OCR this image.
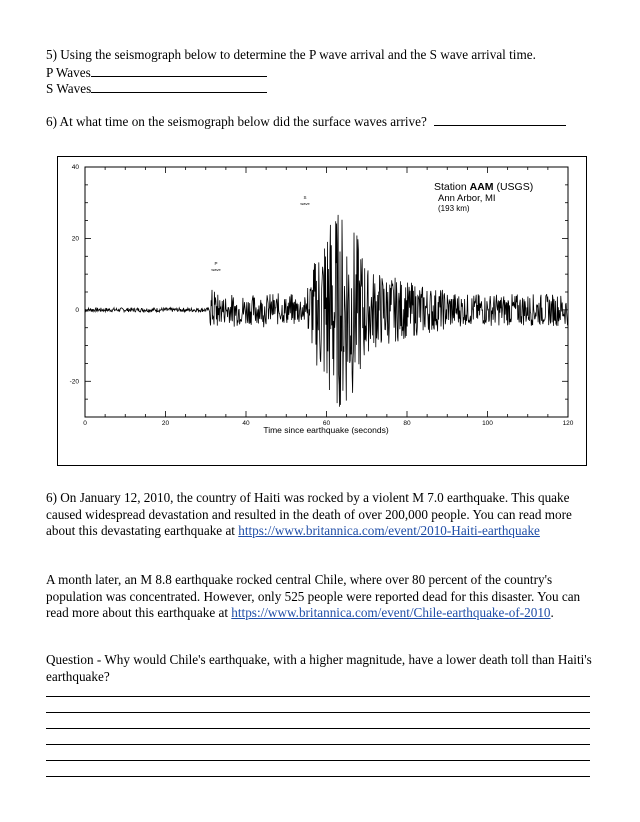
5) Using the seismograph below to determine the P wave arrival and the S wave arrival time.
P Waves
S Waves
6) At what time on the seismograph below did the surface waves arrive?
0	20	40	60	80	100	120
40
20
0
-20
Station AAM (USGS)
Ann Arbor, MI
(193 km)
P
wave
S
wave
Time since earthquake (seconds)
6) On January 12, 2010, the country of Haiti was rocked by a violent M 7.0 earthquake. This quake caused widespread devastation and resulted in the death of over 200,000 people. You can read more about this devastating earthquake at https://www.britannica.com/event/2010-Haiti-earthquake
A month later, an M 8.8 earthquake rocked central Chile, where over 80 percent of the country's population was concentrated. However, only 525 people were reported dead for this disaster. You can read more about this earthquake at https://www.britannica.com/event/Chile-earthquake-of-2010.
Question - Why would Chile's earthquake, with a higher magnitude, have a lower death toll than Haiti's earthquake?
